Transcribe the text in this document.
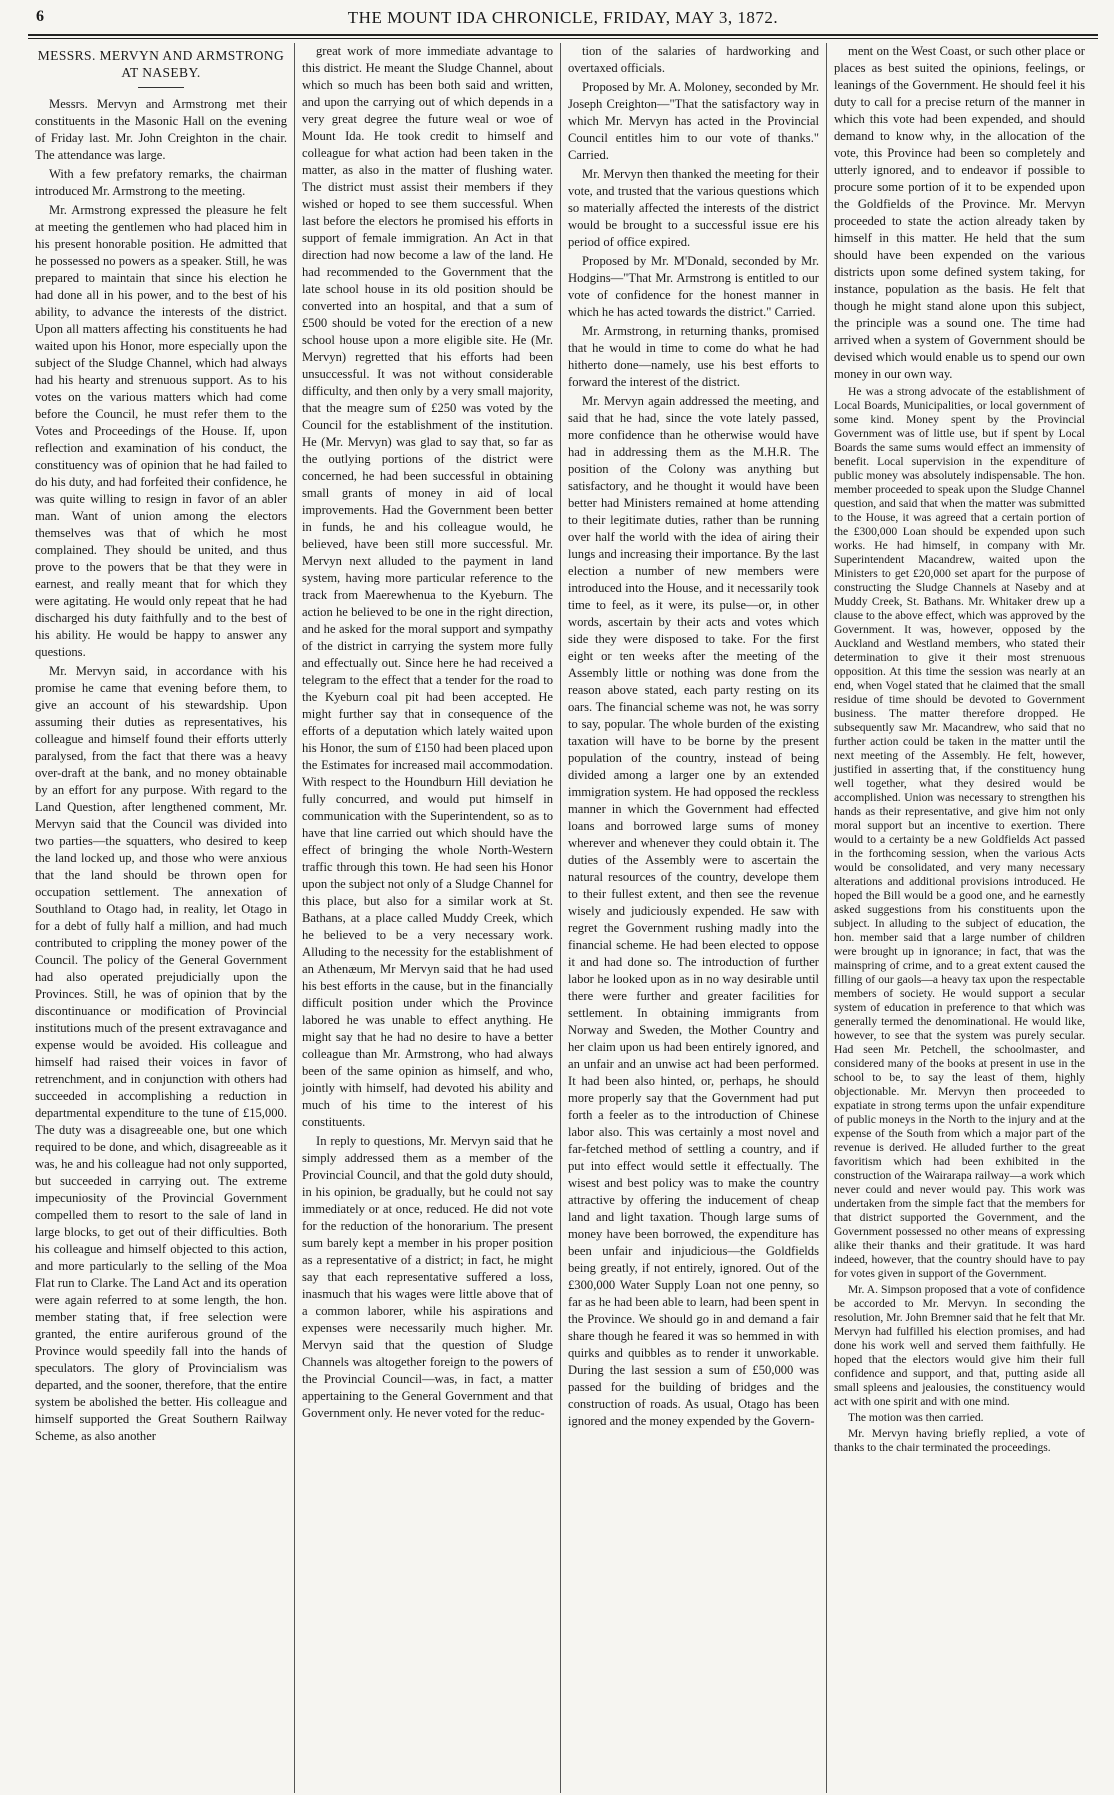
6	THE MOUNT IDA CHRONICLE, FRIDAY, MAY 3, 1872.
MESSRS. MERVYN AND ARMSTRONG AT NASEBY.

Messrs. Mervyn and Armstrong met their constituents in the Masonic Hall on the evening of Friday last. Mr. John Creighton in the chair. The attendance was large.

With a few prefatory remarks, the chairman introduced Mr. Armstrong to the meeting.

Mr. Armstrong expressed the pleasure he felt at meeting the gentlemen who had placed him in his present honorable position. He admitted that he possessed no powers as a speaker. Still, he was prepared to maintain that since his election he had done all in his power, and to the best of his ability, to advance the interests of the district. Upon all matters affecting his constituents he had waited upon his Honor, more especially upon the subject of the Sludge Channel, which had always had his hearty and strenuous support. As to his votes on the various matters which had come before the Council, he must refer them to the Votes and Proceedings of the House. If, upon reflection and examination of his conduct, the constituency was of opinion that he had failed to do his duty, and had forfeited their confidence, he was quite willing to resign in favor of an abler man. Want of union among the electors themselves was that of which he most complained. They should be united, and thus prove to the powers that be that they were in earnest, and really meant that for which they were agitating. He would only repeat that he had discharged his duty faithfully and to the best of his ability. He would be happy to answer any questions.

Mr. Mervyn said, in accordance with his promise he came that evening before them, to give an account of his stewardship. Upon assuming their duties as representatives, his colleague and himself found their efforts utterly paralysed, from the fact that there was a heavy over-draft at the bank, and no money obtainable by an effort for any purpose. With regard to the Land Question, after lengthened comment, Mr. Mervyn said that the Council was divided into two parties—the squatters, who desired to keep the land locked up, and those who were anxious that the land should be thrown open for occupation settlement. The annexation of Southland to Otago had, in reality, let Otago in for a debt of fully half a million, and had much contributed to crippling the money power of the Council. The policy of the General Government had also operated prejudicially upon the Provinces. Still, he was of opinion that by the discontinuance or modification of Provincial institutions much of the present extravagance and expense would be avoided. His colleague and himself had raised their voices in favor of retrenchment, and in conjunction with others had succeeded in accomplishing a reduction in departmental expenditure to the tune of £15,000. The duty was a disagreeable one, but one which required to be done, and which, disagreeable as it was, he and his colleague had not only supported, but succeeded in carrying out. The extreme impecuniosity of the Provincial Government compelled them to resort to the sale of land in large blocks, to get out of their difficulties. Both his colleague and himself objected to this action, and more particularly to the selling of the Moa Flat run to Clarke. The Land Act and its operation were again referred to at some length, the hon. member stating that, if free selection were granted, the entire auriferous ground of the Province would speedily fall into the hands of speculators. The glory of Provincialism was departed, and the sooner, therefore, that the entire system be abolished the better. His colleague and himself supported the Great Southern Railway Scheme, as also another

great work of more immediate advantage to this district. He meant the Sludge Channel, about which so much has been both said and written, and upon the carrying out of which depends in a very great degree the future weal or woe of Mount Ida. He took credit to himself and colleague for what action had been taken in the matter, as also in the matter of flushing water. The district must assist their members if they wished or hoped to see them successful. When last before the electors he promised his efforts in support of female immigration. An Act in that direction had now become a law of the land. He had recommended to the Government that the late school house in its old position should be converted into an hospital, and that a sum of £500 should be voted for the erection of a new school house upon a more eligible site. He (Mr. Mervyn) regretted that his efforts had been unsuccessful. It was not without considerable difficulty, and then only by a very small majority, that the meagre sum of £250 was voted by the Council for the establishment of the institution. He (Mr. Mervyn) was glad to say that, so far as the outlying portions of the district were concerned, he had been successful in obtaining small grants of money in aid of local improvements. Had the Government been better in funds, he and his colleague would, he believed, have been still more successful. Mr. Mervyn next alluded to the payment in land system, having more particular reference to the track from Maerewhenua to the Kyeburn. The action he believed to be one in the right direction, and he asked for the moral support and sympathy of the district in carrying the system more fully and effectually out. Since here he had received a telegram to the effect that a tender for the road to the Kyeburn coal pit had been accepted. He might further say that in consequence of the efforts of a deputation which lately waited upon his Honor, the sum of £150 had been placed upon the Estimates for increased mail accommodation. With respect to the Houndburn Hill deviation he fully concurred, and would put himself in communication with the Superintendent, so as to have that line carried out which should have the effect of bringing the whole North-Western traffic through this town. He had seen his Honor upon the subject not only of a Sludge Channel for this place, but also for a similar work at St. Bathans, at a place called Muddy Creek, which he believed to be a very necessary work. Alluding to the necessity for the establishment of an Athenæum, Mr Mervyn said that he had used his best efforts in the cause, but in the financially difficult position under which the Province labored he was unable to effect anything. He might say that he had no desire to have a better colleague than Mr. Armstrong, who had always been of the same opinion as himself, and who, jointly with himself, had devoted his ability and much of his time to the interest of his constituents.

In reply to questions, Mr. Mervyn said that he simply addressed them as a member of the Provincial Council, and that the gold duty should, in his opinion, be gradually, but he could not say immediately or at once, reduced. He did not vote for the reduction of the honorarium. The present sum barely kept a member in his proper position as a representative of a district; in fact, he might say that each representative suffered a loss, inasmuch that his wages were little above that of a common laborer, while his aspirations and expenses were necessarily much higher. Mr. Mervyn said that the question of Sludge Channels was altogether foreign to the powers of the Provincial Council—was, in fact, a matter appertaining to the General Government and that Government only. He never voted for the reduc-

tion of the salaries of hardworking and overtaxed officials.

Proposed by Mr. A. Moloney, seconded by Mr. Joseph Creighton—"That the satisfactory way in which Mr. Mervyn has acted in the Provincial Council entitles him to our vote of thanks." Carried.

Mr. Mervyn then thanked the meeting for their vote, and trusted that the various questions which so materially affected the interests of the district would be brought to a successful issue ere his period of office expired.

Proposed by Mr. M'Donald, seconded by Mr. Hodgins—"That Mr. Armstrong is entitled to our vote of confidence for the honest manner in which he has acted towards the district." Carried.

Mr. Armstrong, in returning thanks, promised that he would in time to come do what he had hitherto done—namely, use his best efforts to forward the interest of the district.

Mr. Mervyn again addressed the meeting, and said that he had, since the vote lately passed, more confidence than he otherwise would have had in addressing them as the M.H.R. The position of the Colony was anything but satisfactory, and he thought it would have been better had Ministers remained at home attending to their legitimate duties, rather than be running over half the world with the idea of airing their lungs and increasing their importance. By the last election a number of new members were introduced into the House, and it necessarily took time to feel, as it were, its pulse—or, in other words, ascertain by their acts and votes which side they were disposed to take. For the first eight or ten weeks after the meeting of the Assembly little or nothing was done from the reason above stated, each party resting on its oars. The financial scheme was not, he was sorry to say, popular. The whole burden of the existing taxation will have to be borne by the present population of the country, instead of being divided among a larger one by an extended immigration system. He had opposed the reckless manner in which the Government had effected loans and borrowed large sums of money wherever and whenever they could obtain it. The duties of the Assembly were to ascertain the natural resources of the country, develope them to their fullest extent, and then see the revenue wisely and judiciously expended. He saw with regret the Government rushing madly into the financial scheme. He had been elected to oppose it and had done so. The introduction of further labor he looked upon as in no way desirable until there were further and greater facilities for settlement. In obtaining immigrants from Norway and Sweden, the Mother Country and her claim upon us had been entirely ignored, and an unfair and an unwise act had been performed. It had been also hinted, or, perhaps, he should more properly say that the Government had put forth a feeler as to the introduction of Chinese labor also. This was certainly a most novel and far-fetched method of settling a country, and if put into effect would settle it effectually. The wisest and best policy was to make the country attractive by offering the inducement of cheap land and light taxation. Though large sums of money have been borrowed, the expenditure has been unfair and injudicious—the Goldfields being greatly, if not entirely, ignored. Out of the £300,000 Water Supply Loan not one penny, so far as he had been able to learn, had been spent in the Province. We should go in and demand a fair share though he feared it was so hemmed in with quirks and quibbles as to render it unworkable. During the last session a sum of £50,000 was passed for the building of bridges and the construction of roads. As usual, Otago has been ignored and the money expended by the Govern-

ment on the West Coast, or such other place or places as best suited the opinions, feelings, or leanings of the Government. He should feel it his duty to call for a precise return of the manner in which this vote had been expended, and should demand to know why, in the allocation of the vote, this Province had been so completely and utterly ignored, and to endeavor if possible to procure some portion of it to be expended upon the Goldfields of the Province. Mr. Mervyn proceeded to state the action already taken by himself in this matter. He held that the sum should have been expended on the various districts upon some defined system taking, for instance, population as the basis. He felt that though he might stand alone upon this subject, the principle was a sound one. The time had arrived when a system of Government should be devised which would enable us to spend our own money in our own way.

He was a strong advocate of the establishment of Local Boards, Municipalities, or local government of some kind. Money spent by the Provincial Government was of little use, but if spent by Local Boards the same sums would effect an immensity of benefit. Local supervision in the expenditure of public money was absolutely indispensable. The hon. member proceeded to speak upon the Sludge Channel question, and said that when the matter was submitted to the House, it was agreed that a certain portion of the £300,000 Loan should be expended upon such works. He had himself, in company with Mr. Superintendent Macandrew, waited upon the Ministers to get £20,000 set apart for the purpose of constructing the Sludge Channels at Naseby and at Muddy Creek, St. Bathans. Mr. Whitaker drew up a clause to the above effect, which was approved by the Government. It was, however, opposed by the Auckland and Westland members, who stated their determination to give it their most strenuous opposition. At this time the session was nearly at an end, when Vogel stated that he claimed that the small residue of time should be devoted to Government business. The matter therefore dropped. He subsequently saw Mr. Macandrew, who said that no further action could be taken in the matter until the next meeting of the Assembly. He felt, however, justified in asserting that, if the constituency hung well together, what they desired would be accomplished. Union was necessary to strengthen his hands as their representative, and give him not only moral support but an incentive to exertion. There would to a certainty be a new Goldfields Act passed in the forthcoming session, when the various Acts would be consolidated, and very many necessary alterations and additional provisions introduced. He hoped the Bill would be a good one, and he earnestly asked suggestions from his constituents upon the subject. In alluding to the subject of education, the hon. member said that a large number of children were brought up in ignorance; in fact, that was the mainspring of crime, and to a great extent caused the filling of our gaols—a heavy tax upon the respectable members of society. He would support a secular system of education in preference to that which was generally termed the denominational. He would like, however, to see that the system was purely secular. Had seen Mr. Petchell, the schoolmaster, and considered many of the books at present in use in the school to be, to say the least of them, highly objectionable. Mr. Mervyn then proceeded to expatiate in strong terms upon the unfair expenditure of public moneys in the North to the injury and at the expense of the South from which a major part of the revenue is derived. He alluded further to the great favoritism which had been exhibited in the construction of the Wairarapa railway—a work which never could and never would pay. This work was undertaken from the simple fact that the members for that district supported the Government, and the Government possessed no other means of expressing alike their thanks and their gratitude. It was hard indeed, however, that the country should have to pay for votes given in support of the Government.

Mr. A. Simpson proposed that a vote of confidence be accorded to Mr. Mervyn. In seconding the resolution, Mr. John Bremner said that he felt that Mr. Mervyn had fulfilled his election promises, and had done his work well and served them faithfully. He hoped that the electors would give him their full confidence and support, and that, putting aside all small spleens and jealousies, the constituency would act with one spirit and with one mind.

The motion was then carried.

Mr. Mervyn having briefly replied, a vote of thanks to the chair terminated the proceedings.
